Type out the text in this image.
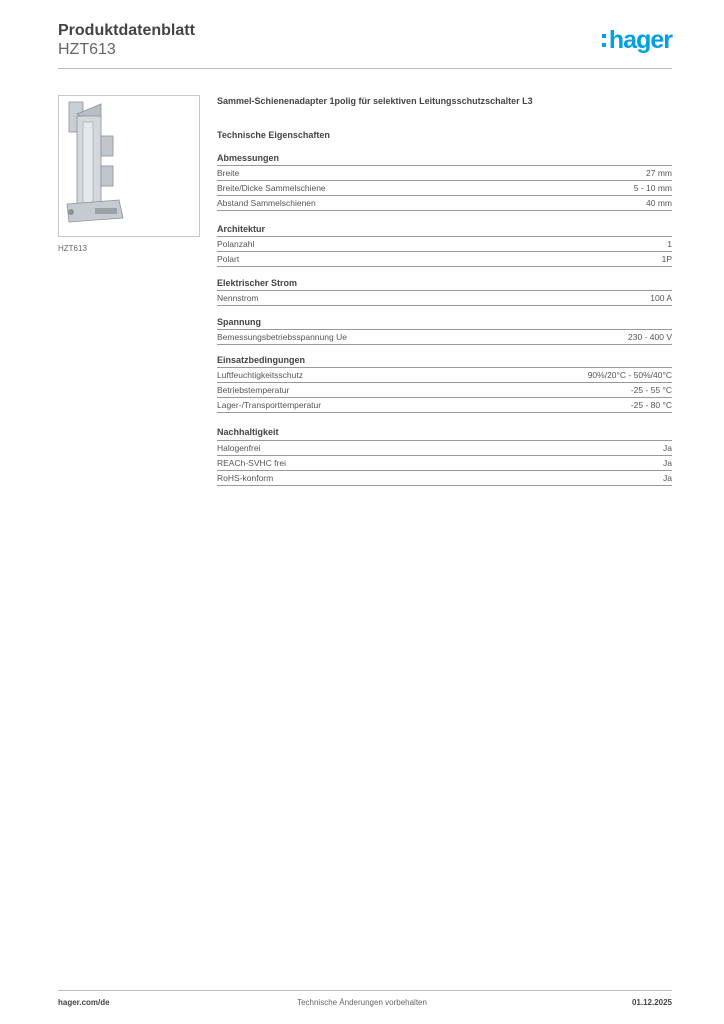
Produktdatenblatt
HZT613	hager
HZT613
Sammel-Schienenadapter 1polig für selektiven Leitungsschutzschalter L3
Technische Eigenschaften
Abmessungen
Breite	27 mm
Breite/Dicke Sammelschiene	5 - 10 mm
Abstand Sammelschienen	40 mm
Architektur
Polanzahl	1
Polart	1P
Elektrischer Strom
Nennstrom	100 A
Spannung
Bemessungsbetriebsspannung Ue	230 - 400 V
Einsatzbedingungen
Luftfeuchtigkeitsschutz	90%/20°C - 50%/40°C
Betriebstemperatur	-25 - 55 °C
Lager-/Transporttemperatur	-25 - 80 °C
Nachhaltigkeit
Halogenfrei	Ja
REACh-SVHC frei	Ja
RoHS-konform	Ja
hager.com/de	Technische Änderungen vorbehalten	01.12.2025
